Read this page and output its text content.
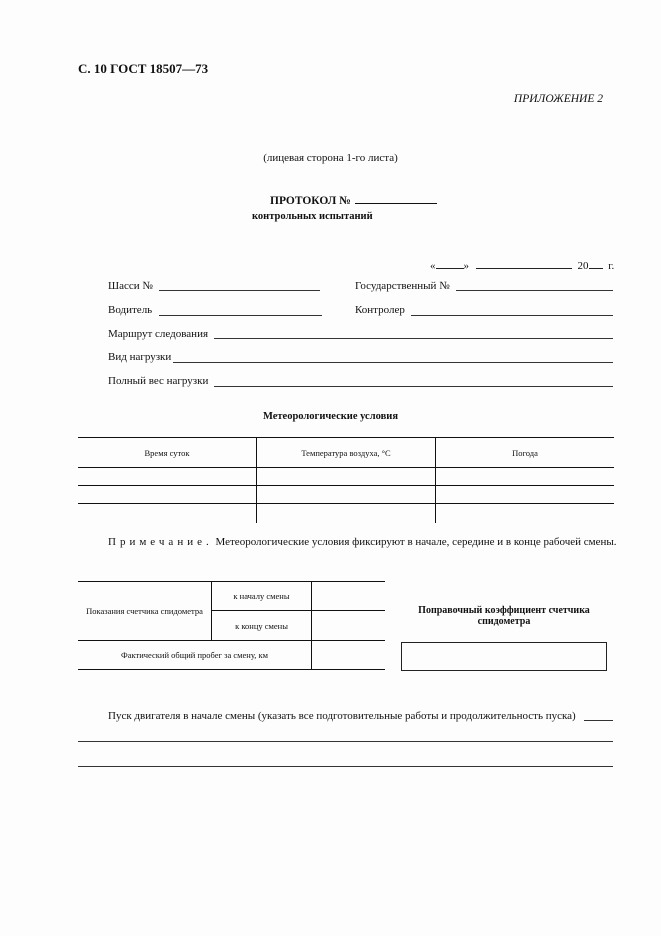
С. 10 ГОСТ 18507—73
ПРИЛОЖЕНИЕ 2
(лицевая сторона 1-го листа)
ПРОТОКОЛ №
контрольных испытаний
«	»	20 г.
Шасси №	Государственный №
Водитель	Контролер
Маршрут следования
Вид нагрузки
Полный вес нагрузки
Метеорологические условия
Время суток	Температура воздуха, °С	Погода

Примечание. Метеорологические условия фиксируют в начале, середине и в конце рабочей смены.
Показания счетчика спидометра	к началу смены	
	к концу смены	
Фактический общий пробег за смену, км		
Поправочный коэффициент счетчика спидометра
Пуск двигателя в начале смены (указать все подготовительные работы и продолжительность пуска)
